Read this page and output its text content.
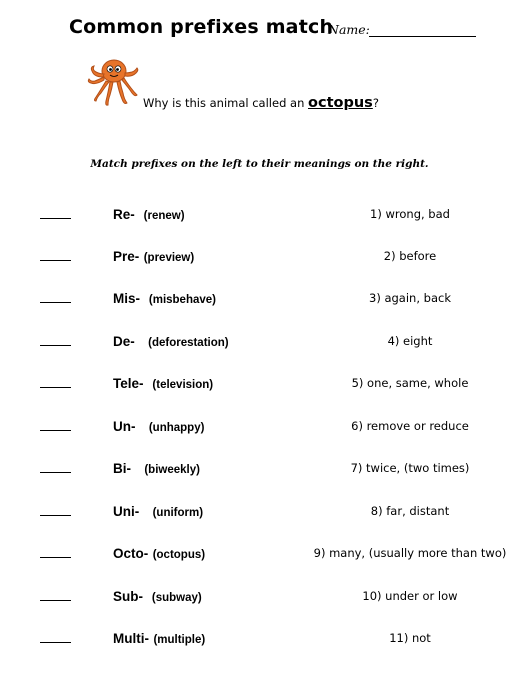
Common prefixes match
Name:
Why is this animal called an octopus?
Match prefixes on the left to their meanings on the right.
Re- (renew)	1) wrong, bad
Pre- (preview)	2) before
Mis- (misbehave)	3) again, back
De- (deforestation)	4) eight
Tele- (television)	5) one, same, whole
Un- (unhappy)	6) remove or reduce
Bi- (biweekly)	7) twice, (two times)
Uni- (uniform)	8) far, distant
Octo- (octopus)	9) many, (usually more than two)
Sub- (subway)	10) under or low
Multi- (multiple)	11) not
